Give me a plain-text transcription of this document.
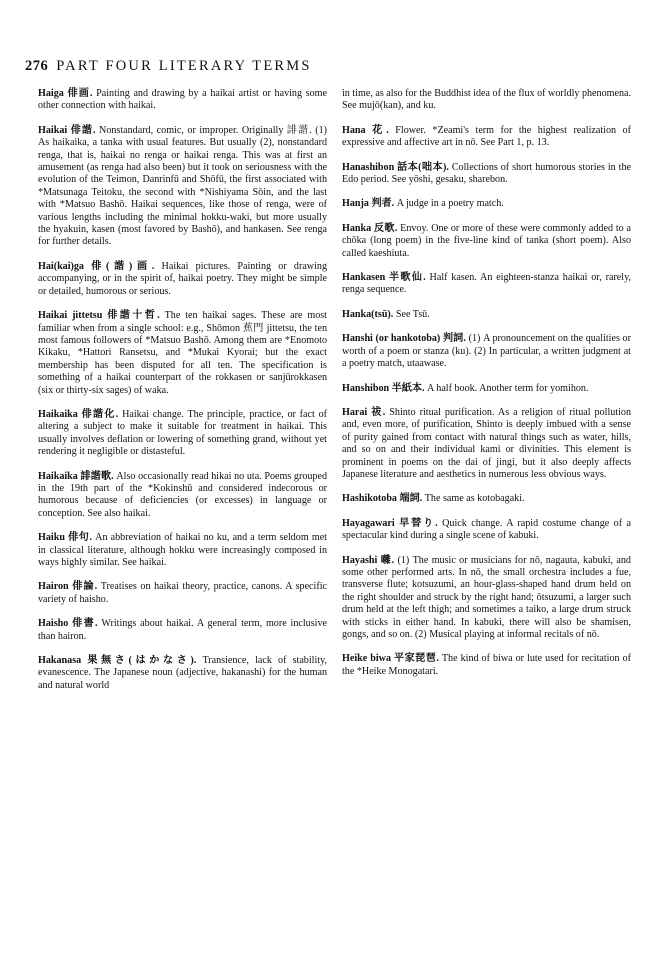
276 PART FOUR LITERARY TERMS

Haiga 俳画. Painting and drawing by a haikai artist or having some other connection with haikai.

Haikai 俳諧. Nonstandard, comic, or improper. Originally 誹諧. (1) As haikaika, a tanka with usual features. But usually (2), nonstandard renga, that is, haikai no renga or haikai renga. This was at first an amusement (as renga had also been) but it took on seriousness with the evolution of the Teimon, Danrinfū and Shōfū, the first associated with *Matsunaga Teitoku, the second with *Nishiyama Sōin, and the last with *Matsuo Bashō. Haikai sequences, like those of renga, were of various lengths including the minimal hokku-waki, but more usually the hyakuin, kasen (most favored by Bashō), and hankasen. See renga for further details.

Hai(kai)ga 俳(諧)画. Haikai pictures. Painting or drawing accompanying, or in the spirit of, haikai poetry. They might be simple or detailed, humorous or serious.

Haikai jittetsu 俳諧十哲. The ten haikai sages. These are most familiar when from a single school: e.g., Shōmon 蕉門 jittetsu, the ten most famous followers of *Matsuo Bashō. Among them are *Enomoto Kikaku, *Hattori Ransetsu, and *Mukai Kyorai; but the exact membership has been disputed for all ten. The specification is something of a haikai counterpart of the rokkasen or sanjūrokkasen (six or thirty-six sages) of waka.

Haikaika 俳諧化. Haikai change. The principle, practice, or fact of altering a subject to make it suitable for treatment in haikai. This usually involves deflation or lowering of something grand, without yet rendering it negligible or distasteful.

Haikaika 誹諧歌. Also occasionally read hikai no uta. Poems grouped in the 19th part of the *Kokinshū and considered indecorous or humorous because of deficiencies (or excesses) in language or conception. See also haikai.

Haiku 俳句. An abbreviation of haikai no ku, and a term seldom met in classical literature, although hokku were increasingly composed in ways highly similar. See haikai.

Hairon 俳論. Treatises on haikai theory, practice, canons. A specific variety of haisho.

Haisho 俳書. Writings about haikai. A general term, more inclusive than hairon.

Hakanasa 果無さ(はかなさ). Transience, lack of stability, evanescence. The Japanese noun (adjective, hakanashi) for the human and natural world

in time, as also for the Buddhist idea of the flux of worldly phenomena. See mujō(kan), and ku.

Hana 花. Flower. *Zeami's term for the highest realization of expressive and affective art in nō. See Part 1, p. 13.

Hanashibon 話本(咄本). Collections of short humorous stories in the Edo period. See yōshi, gesaku, sharebon.

Hanja 判者. A judge in a poetry match.

Hanka 反歌. Envoy. One or more of these were commonly added to a chōka (long poem) in the five-line kind of tanka (short poem). Also called kaeshiuta.

Hankasen 半歌仙. Half kasen. An eighteen-stanza haikai or, rarely, renga sequence.

Hanka(tsū). See Tsū.

Hanshi (or hankotoba) 判詞. (1) A pronouncement on the qualities or worth of a poem or stanza (ku). (2) In particular, a written judgment at a poetry match, utaawase.

Hanshibon 半紙本. A half book. Another term for yomihon.

Harai 祓. Shinto ritual purification. As a religion of ritual pollution and, even more, of purification, Shinto is deeply imbued with a sense of purity gained from contact with natural things such as water, hills, and so on and their individual kami or divinities. This element is prominent in poems on the dai of jingi, but it also deeply affects Japanese literature and aesthetics in numerous less obvious ways.

Hashikotoba 端詞. The same as kotobagaki.

Hayagawari 早替り. Quick change. A rapid costume change of a spectacular kind during a single scene of kabuki.

Hayashi 囃. (1) The music or musicians for nō, nagauta, kabuki, and some other performed arts. In nō, the small orchestra includes a fue, transverse flute; kotsuzumi, an hour-glass-shaped hand drum held on the right shoulder and struck by the right hand; ōtsuzumi, a larger such drum held at the left thigh; and sometimes a taiko, a large drum struck with sticks in either hand. In kabuki, there will also be shamisen, gongs, and so on. (2) Musical playing at informal recitals of nō.

Heike biwa 平家琵琶. The kind of biwa or lute used for recitation of the *Heike Monogatari.
